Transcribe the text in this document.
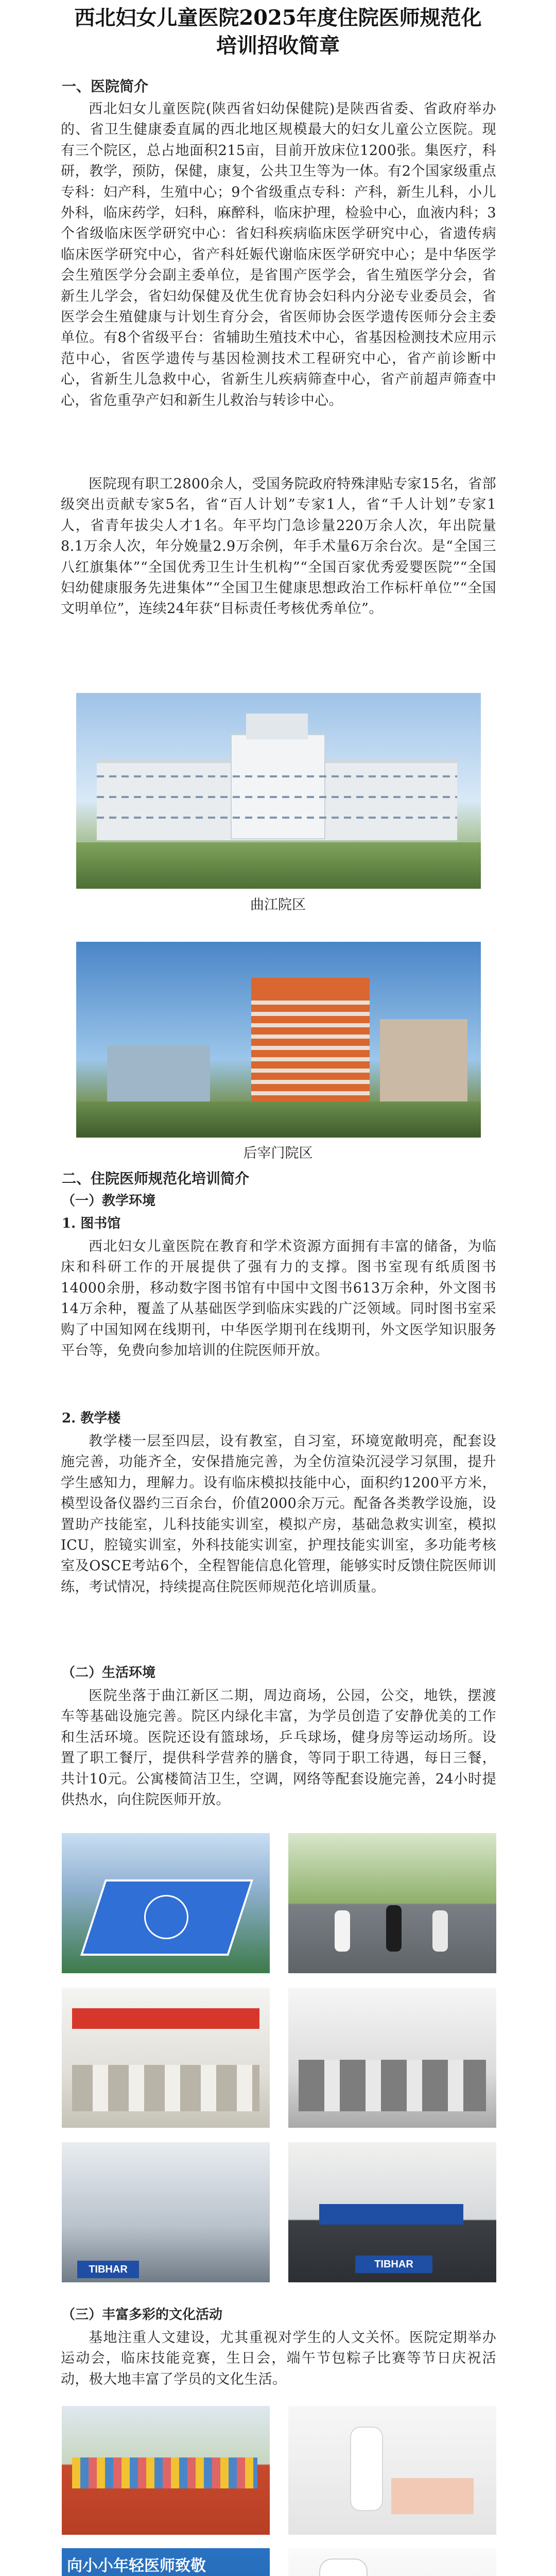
西北妇女儿童医院2025年度住院医师规范化
培训招收简章
一、医院简介

西北妇女儿童医院(陕西省妇幼保健院)是陕西省委、省政府举办的、省卫生健康委直属的西北地区规模最大的妇女儿童公立医院。现有三个院区，总占地面积215亩，目前开放床位1200张。集医疗，科研，教学，预防，保健，康复，公共卫生等为一体。有2个国家级重点专科：妇产科，生殖中心；9个省级重点专科：产科，新生儿科，小儿外科，临床药学，妇科，麻醉科，临床护理，检验中心，血液内科；3个省级临床医学研究中心：省妇科疾病临床医学研究中心，省遗传病临床医学研究中心，省产科妊娠代谢临床医学研究中心；是中华医学会生殖医学分会副主委单位，是省围产医学会，省生殖医学分会，省新生儿学会，省妇幼保健及优生优育协会妇科内分泌专业委员会，省医学会生殖健康与计划生育分会，省医师协会医学遗传医师分会主委单位。有8个省级平台：省辅助生殖技术中心，省基因检测技术应用示范中心，省医学遗传与基因检测技术工程研究中心，省产前诊断中心，省新生儿急救中心，省新生儿疾病筛查中心，省产前超声筛查中心，省危重孕产妇和新生儿救治与转诊中心。

医院现有职工2800余人，受国务院政府特殊津贴专家15名，省部级突出贡献专家5名，省“百人计划”专家1人，省“千人计划”专家1人，省青年拔尖人才1名。年平均门急诊量220万余人次，年出院量8.1万余人次，年分娩量2.9万余例，年手术量6万余台次。是“全国三八红旗集体”“全国优秀卫生计生机构”“全国百家优秀爱婴医院”“全国妇幼健康服务先进集体”“全国卫生健康思想政治工作标杆单位”“全国文明单位”，连续24年获“目标责任考核优秀单位”。

曲江院区

后宰门院区

二、住院医师规范化培训简介
（一）教学环境
1. 图书馆

西北妇女儿童医院在教育和学术资源方面拥有丰富的储备，为临床和科研工作的开展提供了强有力的支撑。图书室现有纸质图书14000余册，移动数字图书馆有中国中文图书613万余种，外文图书14万余种，覆盖了从基础医学到临床实践的广泛领域。同时图书室采购了中国知网在线期刊，中华医学期刊在线期刊，外文医学知识服务平台等，免费向参加培训的住院医师开放。

2. 教学楼

教学楼一层至四层，设有教室，自习室，环境宽敞明亮，配套设施完善，功能齐全，安保措施完善，为全仿渲染沉浸学习氛围，提升学生感知力，理解力。设有临床模拟技能中心，面积约1200平方米，模型设备仪器约三百余台，价值2000余万元。配备各类教学设施，设置助产技能室，儿科技能实训室，模拟产房，基础急救实训室，模拟ICU，腔镜实训室，外科技能实训室，护理技能实训室，多功能考核室及OSCE考站6个，全程智能信息化管理，能够实时反馈住院医师训练，考试情况，持续提高住院医师规范化培训质量。

（二）生活环境

医院坐落于曲江新区二期，周边商场，公园，公交，地铁，摆渡车等基础设施完善。院区内绿化丰富，为学员创造了安静优美的工作和生活环境。医院还设有篮球场，乒乓球场，健身房等运动场所。设置了职工餐厅，提供科学营养的膳食，等同于职工待遇，每日三餐，共计10元。公寓楼简洁卫生，空调，网络等配套设施完善，24小时提供热水，向住院医师开放。

TIBHAR	TIBHAR
（三）丰富多彩的文化活动

基地注重人文建设，尤其重视对学生的人文关怀。医院定期举办运动会，临床技能竞赛，生日会，端午节包粽子比赛等节日庆祝活动，极大地丰富了学员的文化生活。

向小小年轻医师致敬
